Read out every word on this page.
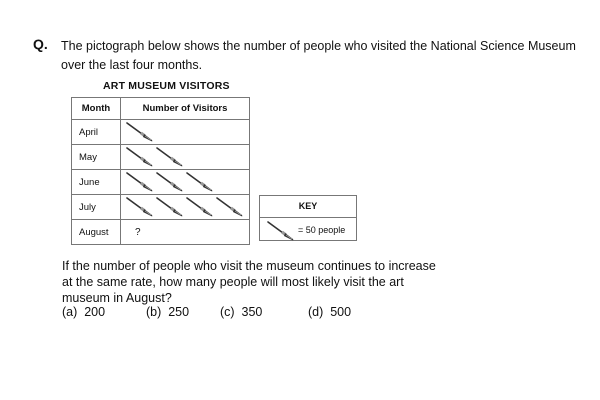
Q. The pictograph below shows the number of people who visited the National Science Museum over the last four months.
ART MUSEUM VISITORS
Month	Number of Visitors
April	
May	
June	
July	
August	?
KEY
= 50 people
If the number of people who visit the museum continues to increase at the same rate, how many people will most likely visit the art museum in August?
(a) 200	(b) 250 (c) 350	(d) 500
